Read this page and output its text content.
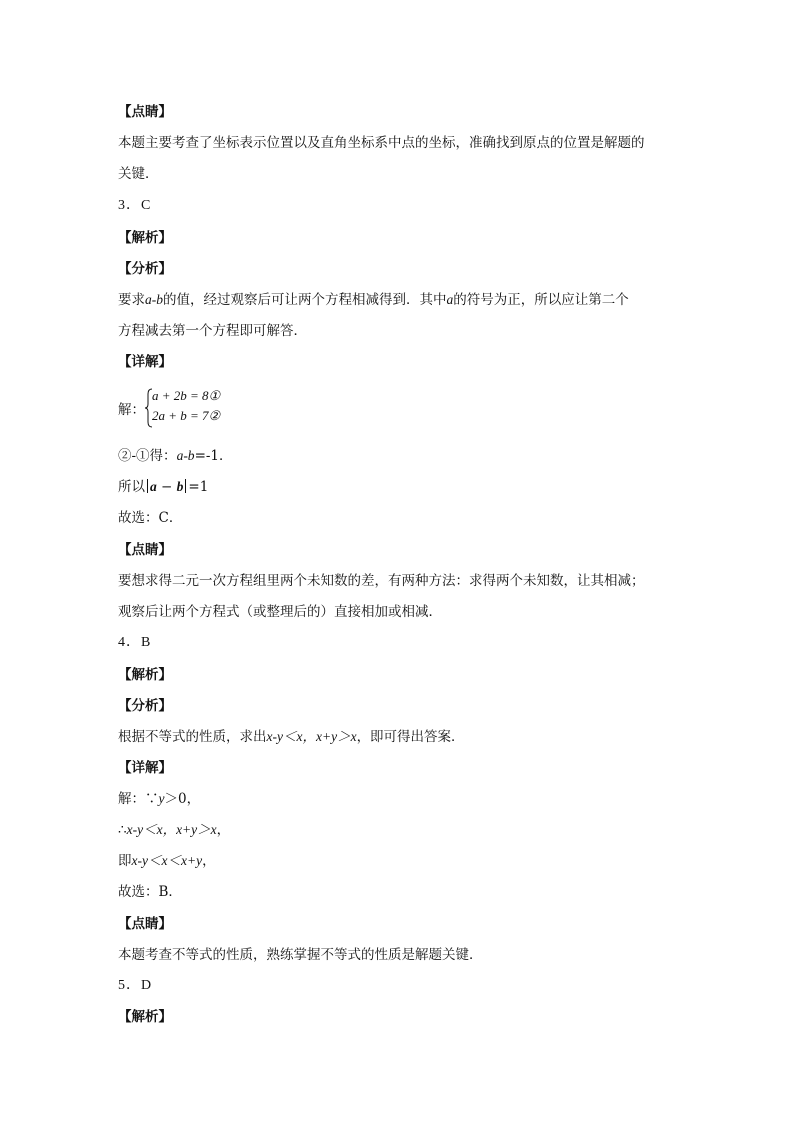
【点睛】
本题主要考查了坐标表示位置以及直角坐标系中点的坐标，准确找到原点的位置是解题的
关键．
3．C
【解析】
【分析】
要求a-b的值，经过观察后可让两个方程相减得到．其中a的符号为正，所以应让第二个
方程减去第一个方程即可解答．
【详解】
解：
a + 2b = 8①
2a + b = 7②
②-①得：a-b=-1．
所以 a − b =1
故选：C．
【点睛】
要想求得二元一次方程组里两个未知数的差，有两种方法：求得两个未知数，让其相减；
观察后让两个方程式（或整理后的）直接相加或相减．
4．B
【解析】
【分析】
根据不等式的性质，求出x-y＜x，x+y＞x，即可得出答案．
【详解】
解：∵y＞0，
∴x-y＜x，x+y＞x，
即x-y＜x＜x+y，
故选：B．
【点睛】
本题考查不等式的性质，熟练掌握不等式的性质是解题关键．
5．D
【解析】
